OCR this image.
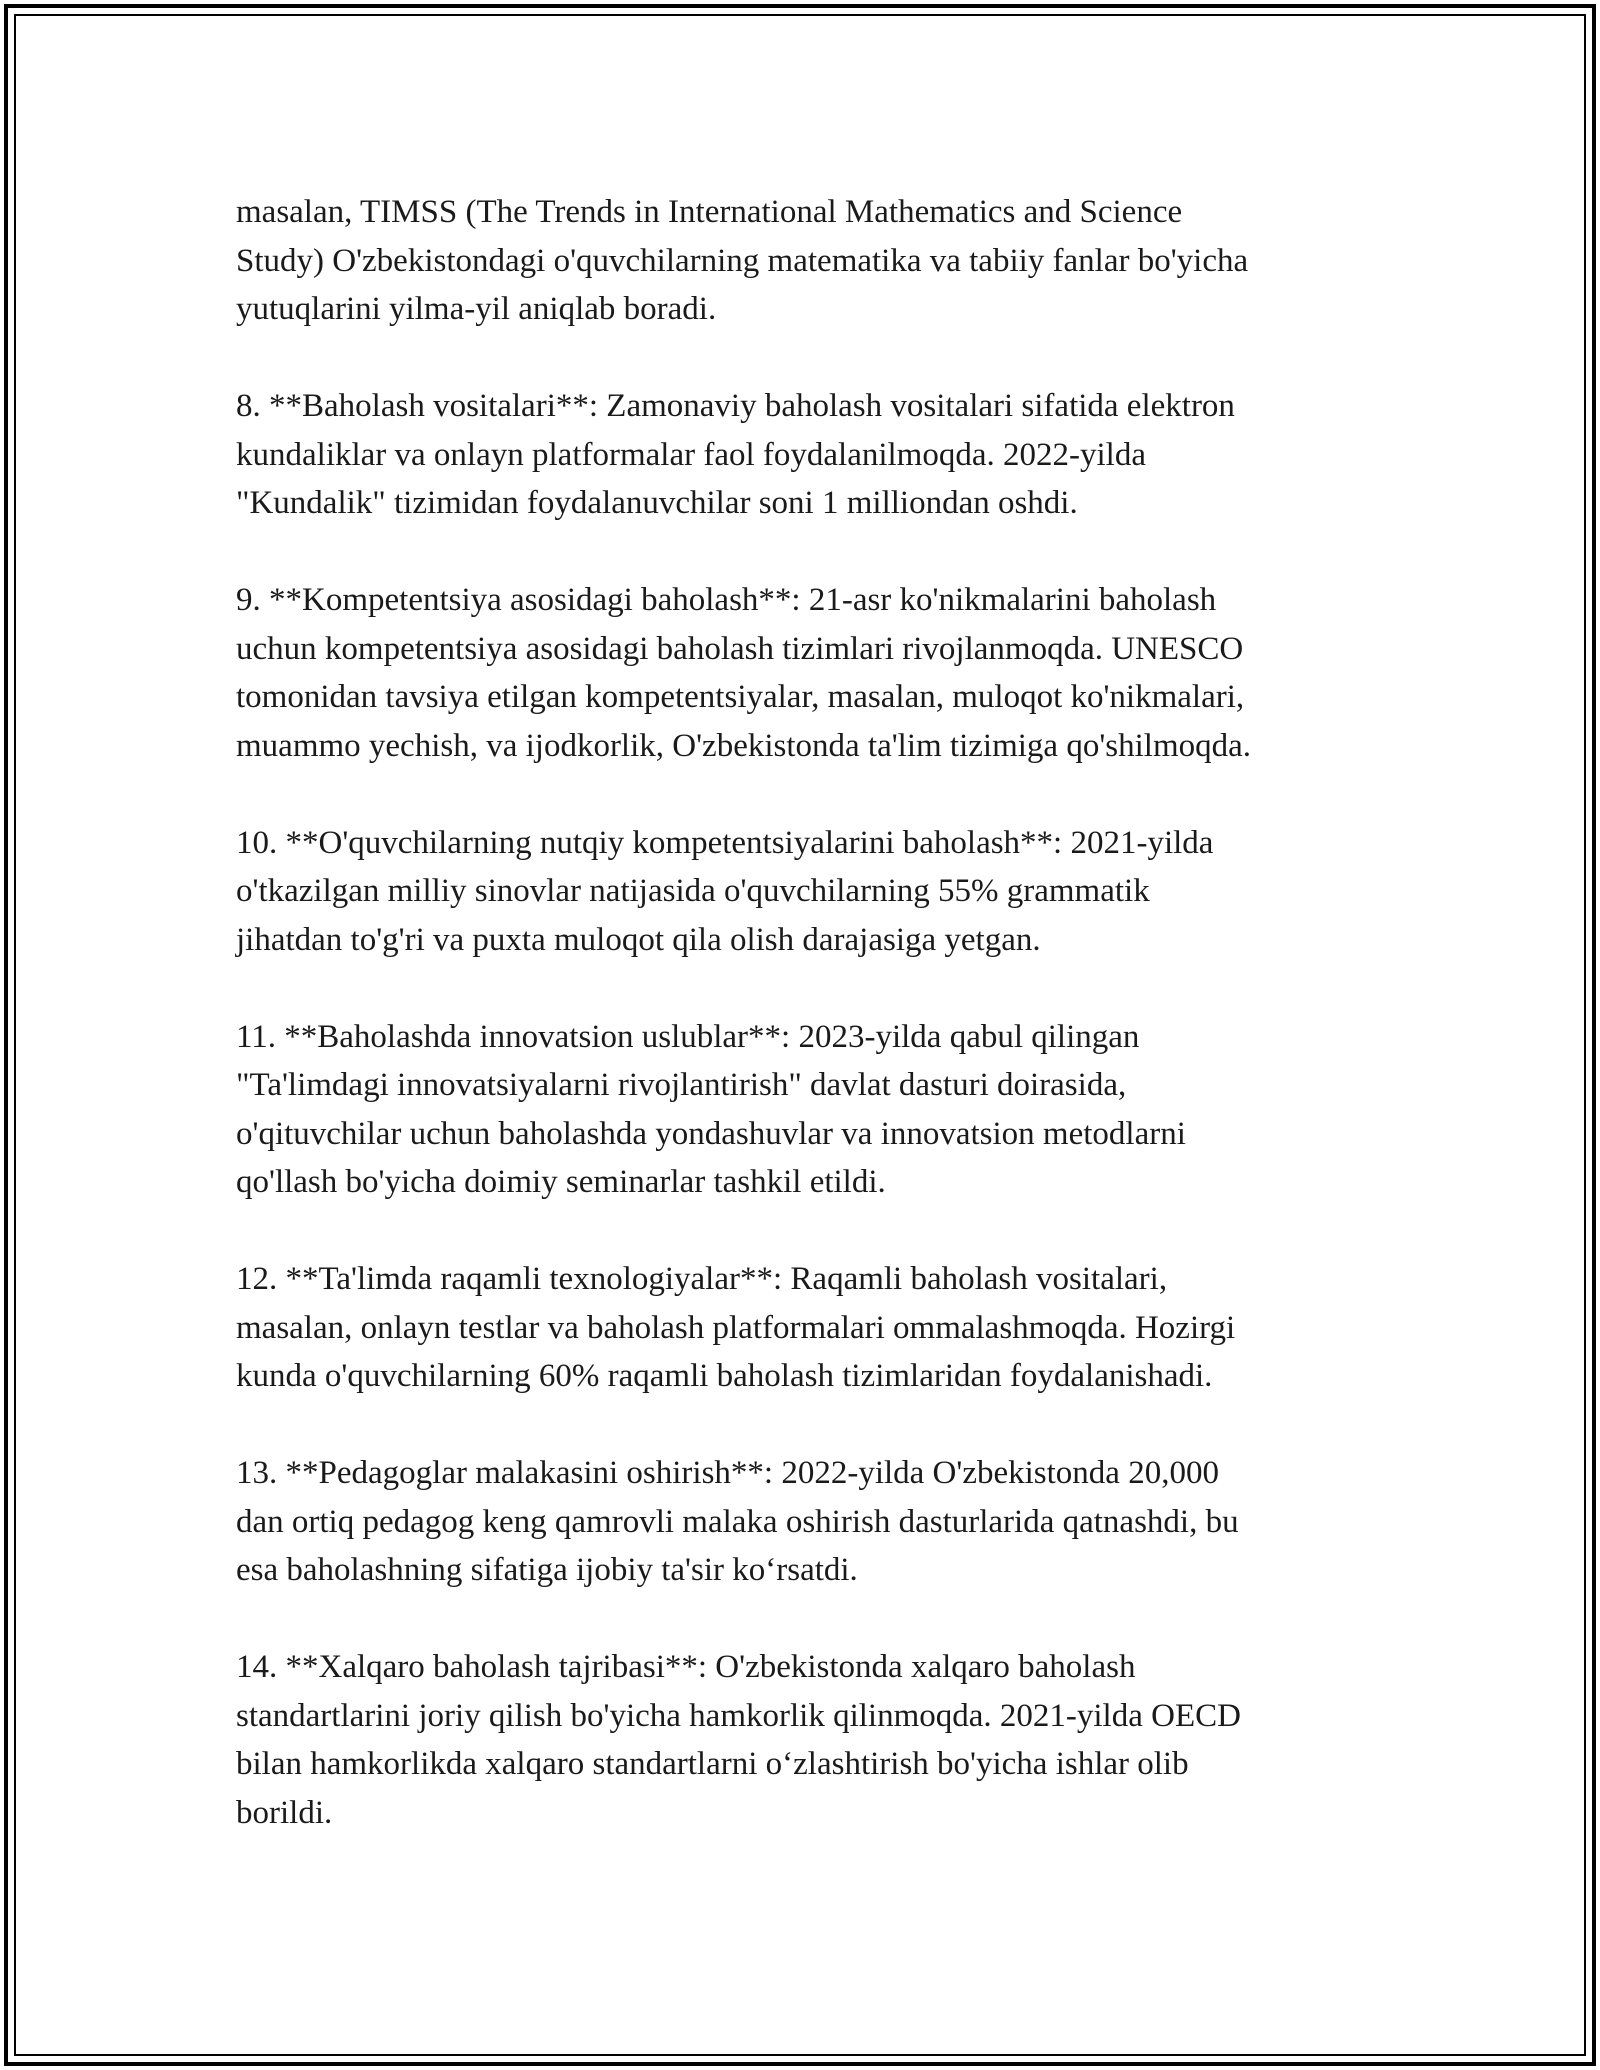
masalan, TIMSS (The Trends in International Mathematics and Science
Study) O'zbekistondagi o'quvchilarning matematika va tabiiy fanlar bo'yicha
yutuqlarini yilma-yil aniqlab boradi.

8. **Baholash vositalari**: Zamonaviy baholash vositalari sifatida elektron
kundaliklar va onlayn platformalar faol foydalanilmoqda. 2022-yilda
"Kundalik" tizimidan foydalanuvchilar soni 1 milliondan oshdi.

9. **Kompetentsiya asosidagi baholash**: 21-asr ko'nikmalarini baholash
uchun kompetentsiya asosidagi baholash tizimlari rivojlanmoqda. UNESCO
tomonidan tavsiya etilgan kompetentsiyalar, masalan, muloqot ko'nikmalari,
muammo yechish, va ijodkorlik, O'zbekistonda ta'lim tizimiga qo'shilmoqda.

10. **O'quvchilarning nutqiy kompetentsiyalarini baholash**: 2021-yilda
o'tkazilgan milliy sinovlar natijasida o'quvchilarning 55% grammatik
jihatdan to'g'ri va puxta muloqot qila olish darajasiga yetgan.

11. **Baholashda innovatsion uslublar**: 2023-yilda qabul qilingan
"Ta'limdagi innovatsiyalarni rivojlantirish" davlat dasturi doirasida,
o'qituvchilar uchun baholashda yondashuvlar va innovatsion metodlarni
qo'llash bo'yicha doimiy seminarlar tashkil etildi.

12. **Ta'limda raqamli texnologiyalar**: Raqamli baholash vositalari,
masalan, onlayn testlar va baholash platformalari ommalashmoqda. Hozirgi
kunda o'quvchilarning 60% raqamli baholash tizimlaridan foydalanishadi.

13. **Pedagoglar malakasini oshirish**: 2022-yilda O'zbekistonda 20,000
dan ortiq pedagog keng qamrovli malaka oshirish dasturlarida qatnashdi, bu
esa baholashning sifatiga ijobiy ta'sir ko‘rsatdi.

14. **Xalqaro baholash tajribasi**: O'zbekistonda xalqaro baholash
standartlarini joriy qilish bo'yicha hamkorlik qilinmoqda. 2021-yilda OECD
bilan hamkorlikda xalqaro standartlarni o‘zlashtirish bo'yicha ishlar olib
borildi.
